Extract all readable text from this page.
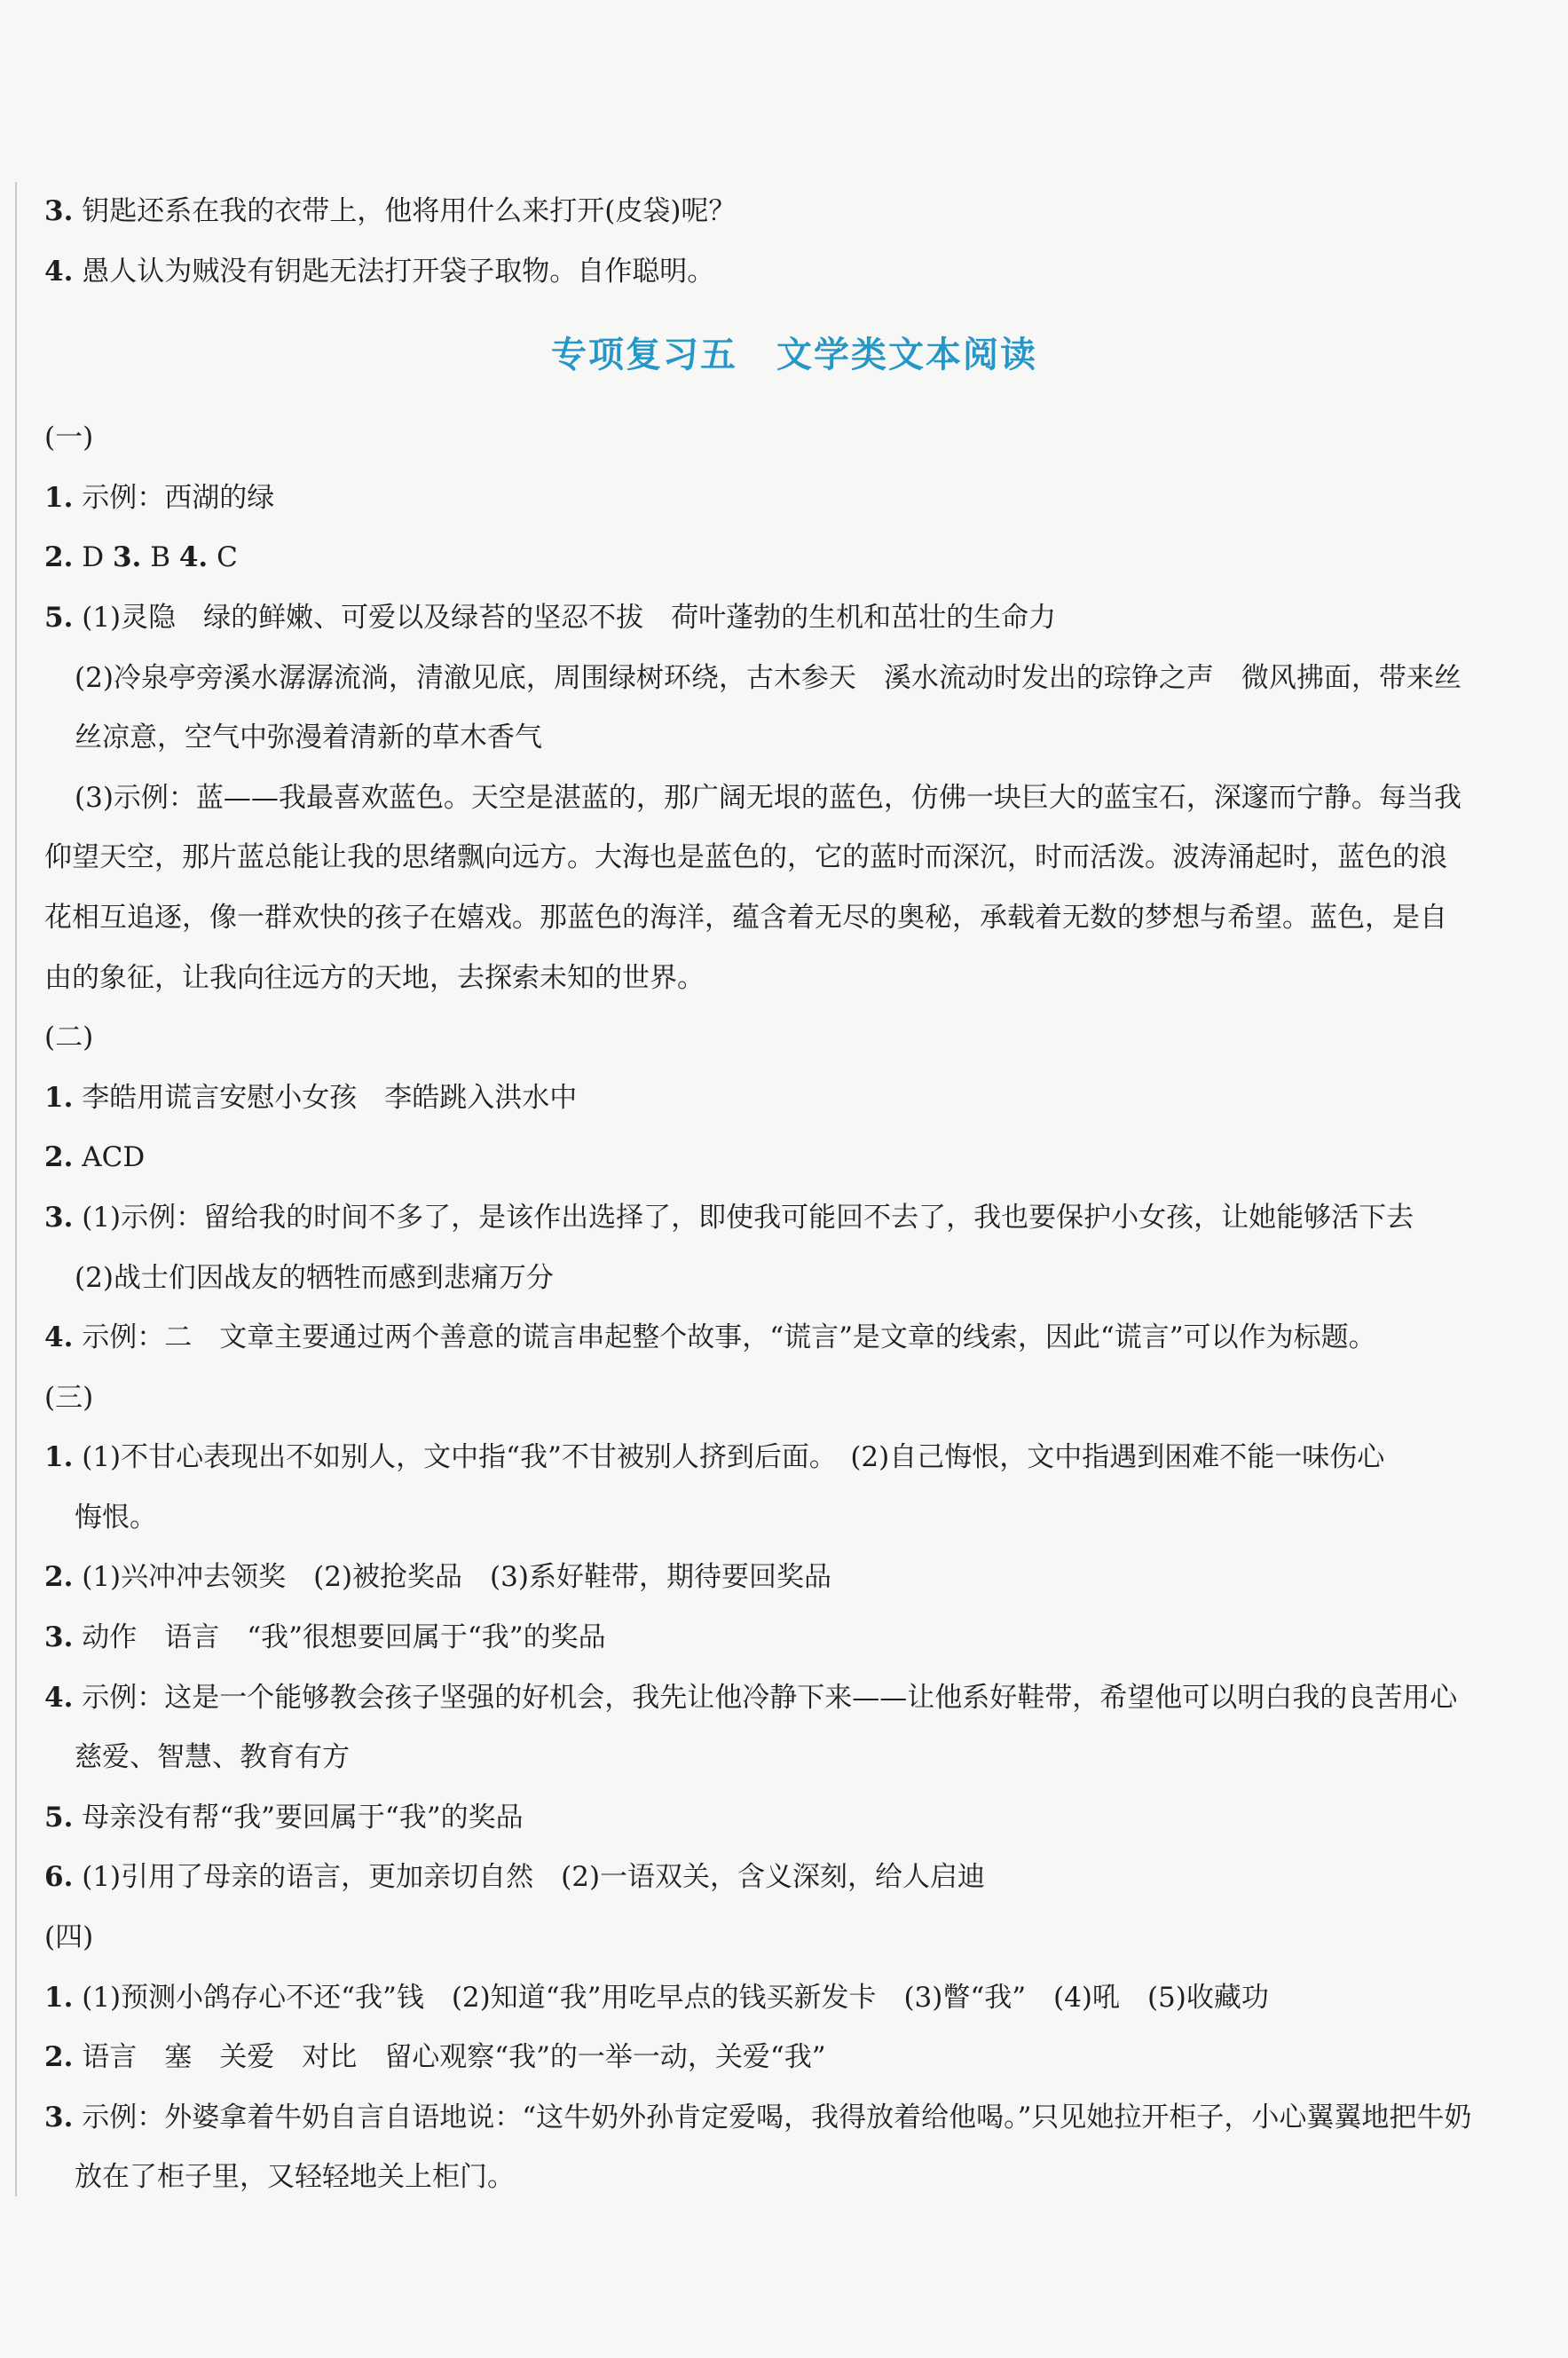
3. 钥匙还系在我的衣带上，他将用什么来打开(皮袋)呢？
4. 愚人认为贼没有钥匙无法打开袋子取物。自作聪明。
专项复习五 文学类文本阅读
(一)
1. 示例：西湖的绿
2. D 3. B 4. C
5. (1)灵隐　绿的鲜嫩、可爱以及绿苔的坚忍不拔　荷叶蓬勃的生机和茁壮的生命力
(2)冷泉亭旁溪水潺潺流淌，清澈见底，周围绿树环绕，古木参天　溪水流动时发出的琮铮之声　微风拂面，带来丝
丝凉意，空气中弥漫着清新的草木香气
(3)示例：蓝——我最喜欢蓝色。天空是湛蓝的，那广阔无垠的蓝色，仿佛一块巨大的蓝宝石，深邃而宁静。每当我
仰望天空，那片蓝总能让我的思绪飘向远方。大海也是蓝色的，它的蓝时而深沉，时而活泼。波涛涌起时，蓝色的浪
花相互追逐，像一群欢快的孩子在嬉戏。那蓝色的海洋，蕴含着无尽的奥秘，承载着无数的梦想与希望。蓝色，是自
由的象征，让我向往远方的天地，去探索未知的世界。
(二)
1. 李皓用谎言安慰小女孩　李皓跳入洪水中
2. ACD
3. (1)示例：留给我的时间不多了，是该作出选择了，即使我可能回不去了，我也要保护小女孩，让她能够活下去
(2)战士们因战友的牺牲而感到悲痛万分
4. 示例：二　文章主要通过两个善意的谎言串起整个故事，“谎言”是文章的线索，因此“谎言”可以作为标题。
(三)
1. (1)不甘心表现出不如别人，文中指“我”不甘被别人挤到后面。　(2)自己悔恨，文中指遇到困难不能一味伤心
悔恨。
2. (1)兴冲冲去领奖　(2)被抢奖品　(3)系好鞋带，期待要回奖品
3. 动作　语言　“我”很想要回属于“我”的奖品
4. 示例：这是一个能够教会孩子坚强的好机会，我先让他冷静下来——让他系好鞋带，希望他可以明白我的良苦用心
慈爱、智慧、教育有方
5. 母亲没有帮“我”要回属于“我”的奖品
6. (1)引用了母亲的语言，更加亲切自然　(2)一语双关，含义深刻，给人启迪
(四)
1. (1)预测小鸽存心不还“我”钱　(2)知道“我”用吃早点的钱买新发卡　(3)瞥“我”　(4)吼　(5)收藏功
2. 语言　塞　关爱　对比　留心观察“我”的一举一动，关爱“我”
3. 示例：外婆拿着牛奶自言自语地说：“这牛奶外孙肯定爱喝，我得放着给他喝。”只见她拉开柜子，小心翼翼地把牛奶
放在了柜子里，又轻轻地关上柜门。
